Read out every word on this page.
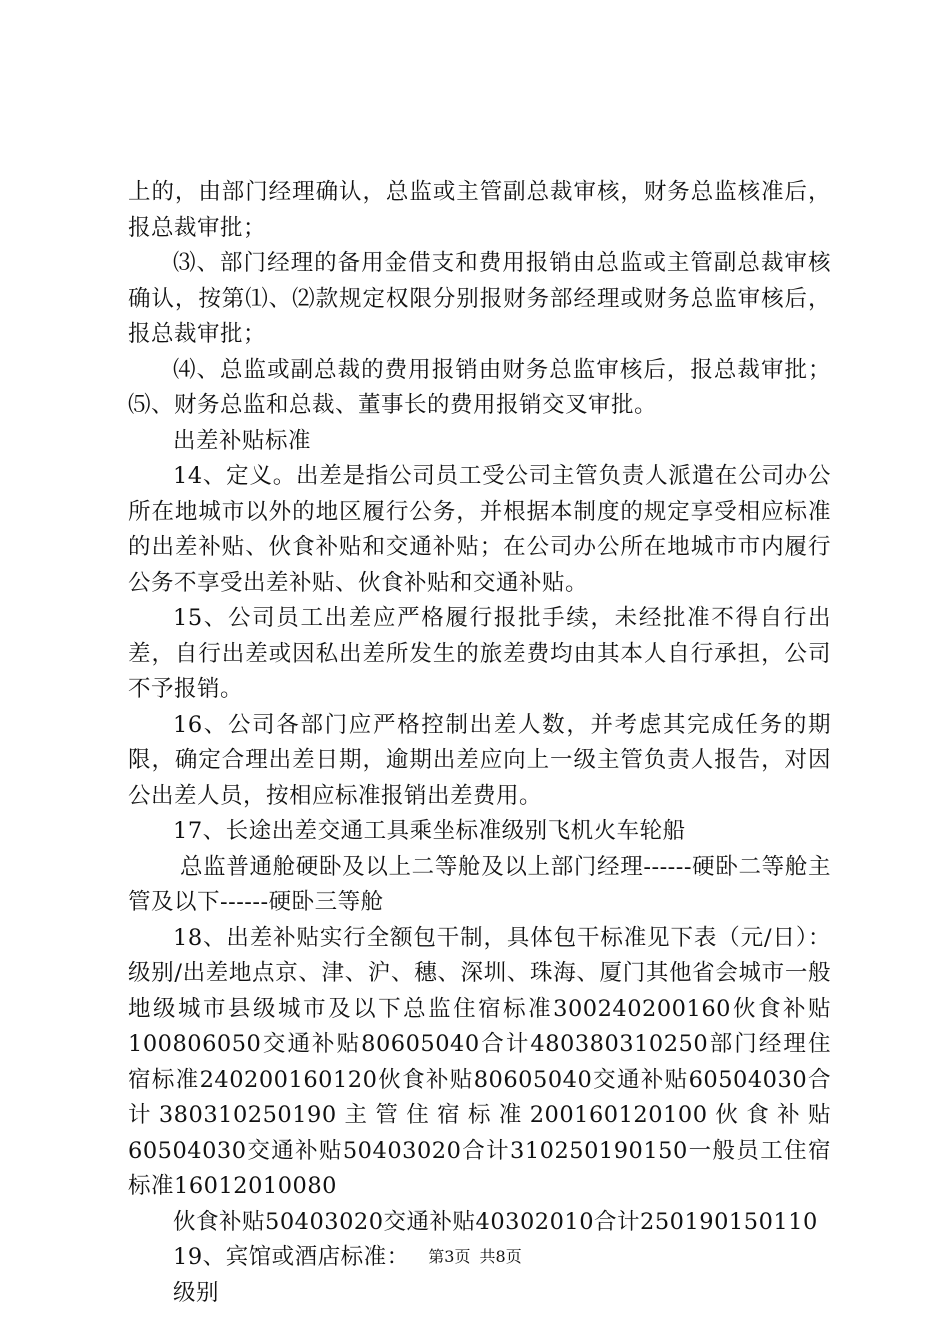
上的，由部门经理确认，总监或主管副总裁审核，财务总监核准后，报总裁审批；

⑶、部门经理的备用金借支和费用报销由总监或主管副总裁审核确认，按第⑴、⑵款规定权限分别报财务部经理或财务总监审核后，报总裁审批；

⑷、总监或副总裁的费用报销由财务总监审核后，报总裁审批；⑸、财务总监和总裁、董事长的费用报销交叉审批。

出差补贴标准

14、定义。出差是指公司员工受公司主管负责人派遣在公司办公所在地城市以外的地区履行公务，并根据本制度的规定享受相应标准的出差补贴、伙食补贴和交通补贴；在公司办公所在地城市市内履行公务不享受出差补贴、伙食补贴和交通补贴。

15、公司员工出差应严格履行报批手续，未经批准不得自行出差，自行出差或因私出差所发生的旅差费均由其本人自行承担，公司不予报销。

16、公司各部门应严格控制出差人数，并考虑其完成任务的期限，确定合理出差日期，逾期出差应向上一级主管负责人报告，对因公出差人员，按相应标准报销出差费用。

17、长途出差交通工具乘坐标准级别飞机火车轮船

总监普通舱硬卧及以上二等舱及以上部门经理------硬卧二等舱主管及以下------硬卧三等舱

18、出差补贴实行全额包干制，具体包干标准见下表（元/日）：级别/出差地点京、津、沪、穗、深圳、珠海、厦门其他省会城市一般地级城市县级城市及以下总监住宿标准300240200160伙食补贴100806050交通补贴80605040合计480380310250部门经理住宿标准240200160120伙食补贴80605040交通补贴60504030合计380310250190主管住宿标准200160120100伙食补贴60504030交通补贴50403020合计310250190150一般员工住宿标准16012010080

伙食补贴50403020交通补贴40302010合计250190150110

19、宾馆或酒店标准：

级别

第3页 共8页
